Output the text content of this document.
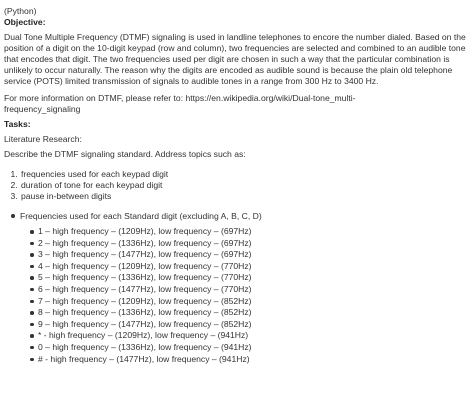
(Python)

Objective:

Dual Tone Multiple Frequency (DTMF) signaling is used in landline telephones to encore the number dialed. Based on the position of a digit on the 10-digit keypad (row and column), two frequencies are selected and combined to an audible tone that encodes that digit. The two frequencies used per digit are chosen in such a way that the particular combination is unlikely to occur naturally. The reason why the digits are encoded as audible sound is because the plain old telephone service (POTS) limited transmission of signals to audible tones in a range from 300 Hz to 3400 Hz.

For more information on DTMF, please refer to: https://en.wikipedia.org/wiki/Dual-tone_multi-

frequency_signaling

Tasks:

Literature Research:

Describe the DTMF signaling standard. Address topics such as:

1. frequencies used for each keypad digit
2. duration of tone for each keypad digit
3. pause in-between digits
Frequencies used for each Standard digit (excluding A, B, C, D)
1 – high frequency – (1209Hz), low frequency – (697Hz)
2 – high frequency – (1336Hz), low frequency – (697Hz)
3 – high frequency – (1477Hz), low frequency – (697Hz)
4 – high frequency – (1209Hz), low frequency – (770Hz)
5 – high frequency – (1336Hz), low frequency – (770Hz)
6 – high frequency – (1477Hz), low frequency – (770Hz)
7 – high frequency – (1209Hz), low frequency – (852Hz)
8 – high frequency – (1336Hz), low frequency – (852Hz)
9 – high frequency – (1477Hz), low frequency – (852Hz)
* - high frequency – (1209Hz), low frequency – (941Hz)
0 – high frequency – (1336Hz), low frequency – (941Hz)
# - high frequency – (1477Hz), low frequency – (941Hz)
